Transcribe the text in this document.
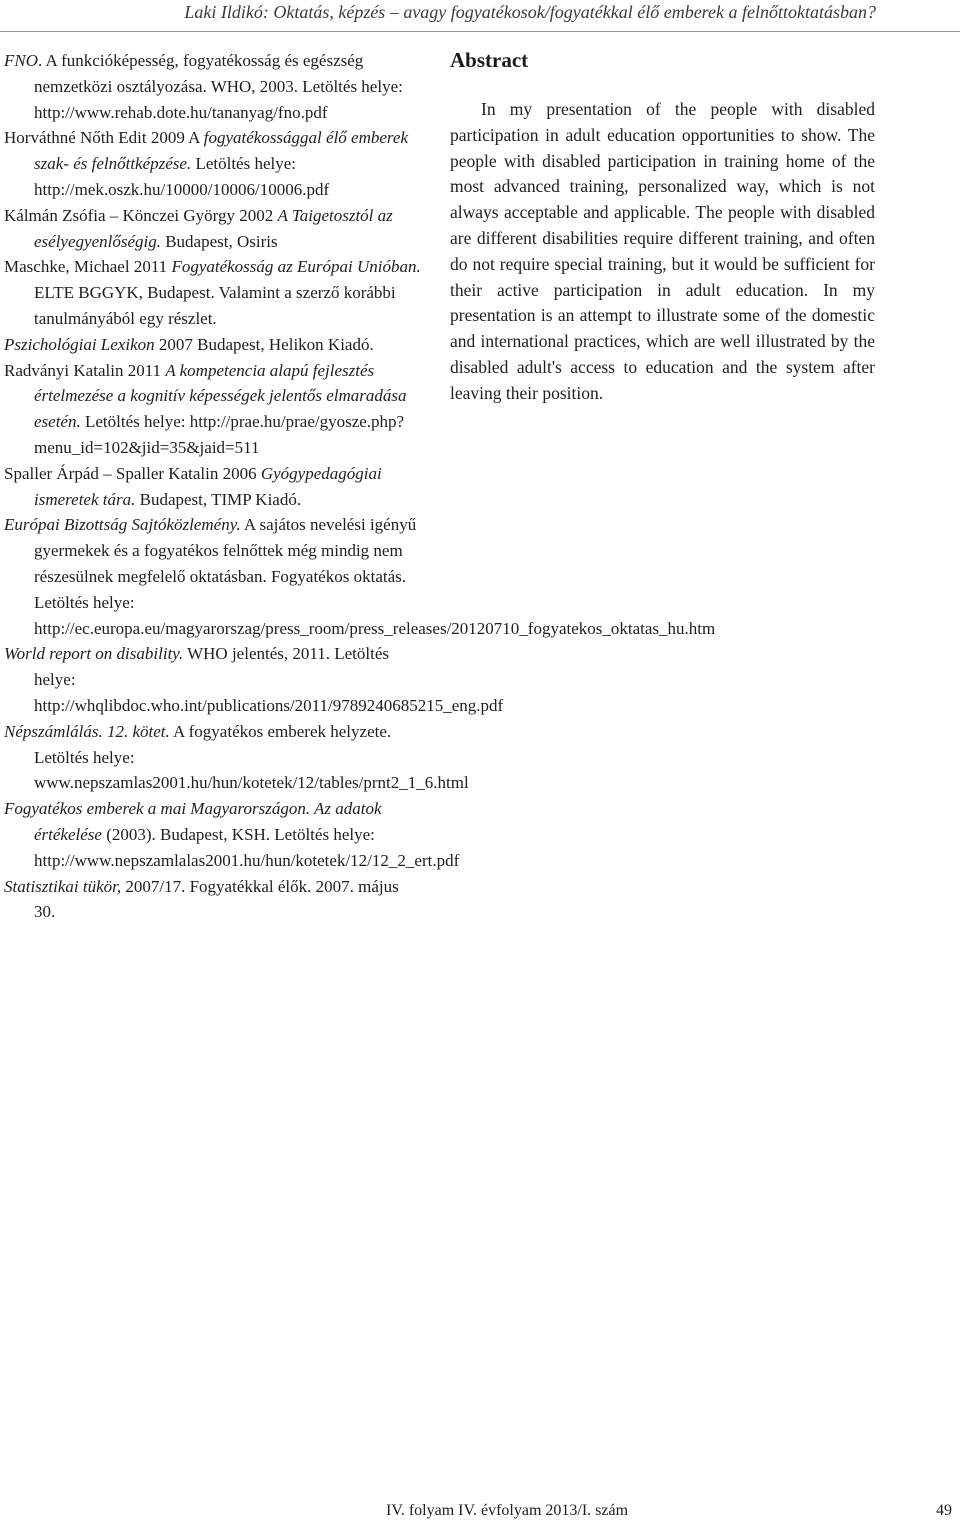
Laki Ildikó: Oktatás, képzés – avagy fogyatékosok/fogyatékkal élő emberek a felnőttoktatásban?

FNO. A funkcióképesség, fogyatékosság és egészség nemzetközi osztályozása. WHO, 2003. Letöltés helye: http://www.rehab.dote.hu/tananyag/fno.pdf

Horváthné Nőth Edit 2009 A fogyatékossággal élő emberek szak- és felnőttképzése. Letöltés helye: http://mek.oszk.hu/10000/10006/10006.pdf

Kálmán Zsófia – Könczei György 2002 A Taigetosztól az esélyegyenlőségig. Budapest, Osiris

Maschke, Michael 2011 Fogyatékosság az Európai Unióban. ELTE BGGYK, Budapest. Valamint a szerző korábbi tanulmányából egy részlet.

Pszichológiai Lexikon 2007 Budapest, Helikon Kiadó.

Radványi Katalin 2011 A kompetencia alapú fejlesztés értelmezése a kognitív képességek jelentős elmaradása esetén. Letöltés helye: http://prae.hu/prae/gyosze.php?menu_id=102&jid=35&jaid=511

Spaller Árpád – Spaller Katalin 2006 Gyógypedagógiai ismeretek tára. Budapest, TIMP Kiadó.

Európai Bizottság Sajtóközlemény. A sajátos nevelési igényű gyermekek és a fogyatékos felnőttek még mindig nem részesülnek megfelelő oktatásban. Fogyatékos oktatás. Letöltés helye: http://ec.europa.eu/magyarorszag/press_room/press_releases/20120710_fogyatekos_oktatas_hu.htm

World report on disability. WHO jelentés, 2011. Letöltés helye: http://whqlibdoc.who.int/publications/2011/9789240685215_eng.pdf

Népszámlálás. 12. kötet. A fogyatékos emberek helyzete. Letöltés helye: www.nepszamlas2001.hu/hun/kotetek/12/tables/prnt2_1_6.html

Fogyatékos emberek a mai Magyarországon. Az adatok értékelése (2003). Budapest, KSH. Letöltés helye: http://www.nepszamlalas2001.hu/hun/kotetek/12/12_2_ert.pdf

Statisztikai tükör, 2007/17. Fogyatékkal élők. 2007. május 30.

Abstract

In my presentation of the people with disabled participation in adult education opportunities to show. The people with disabled participation in training home of the most advanced training, personalized way, which is not always acceptable and applicable. The people with disabled are different disabilities require different training, and often do not require special training, but it would be sufficient for their active participation in adult education. In my presentation is an attempt to illustrate some of the domestic and international practices, which are well illustrated by the disabled adult's access to education and the system after leaving their position.

IV. folyam IV. évfolyam 2013/I. szám	49
